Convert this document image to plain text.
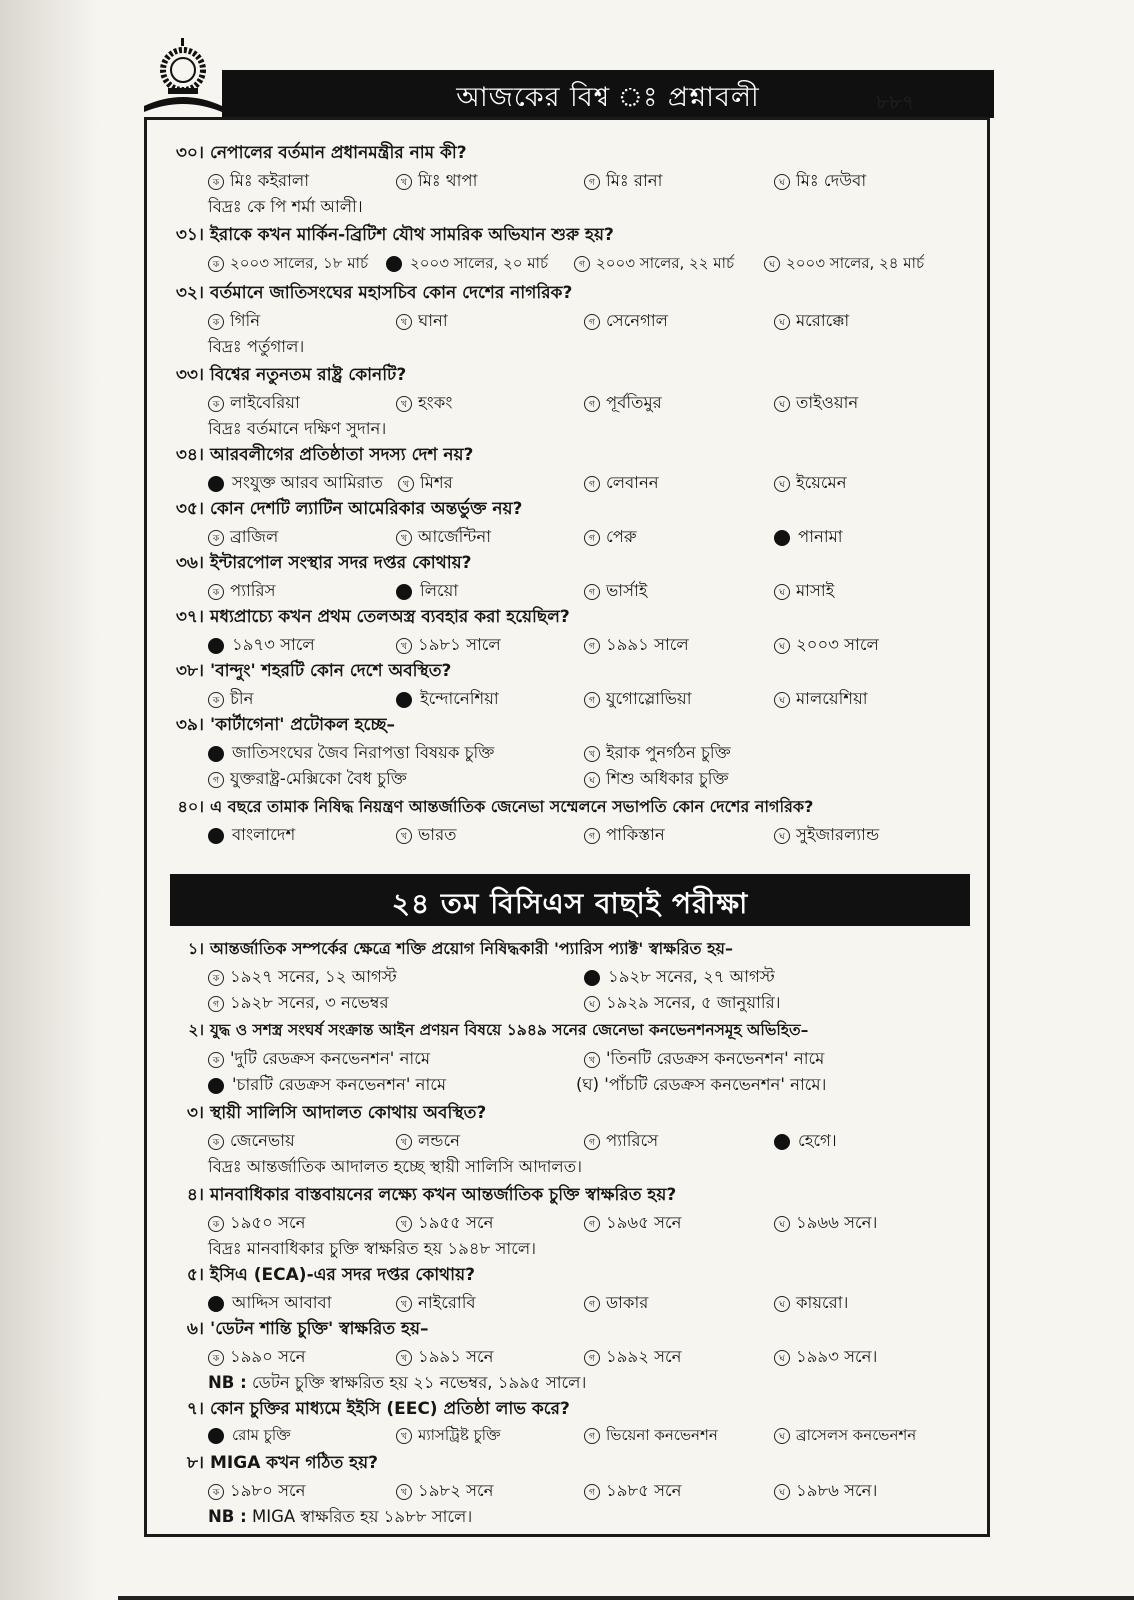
আজকের বিশ্ব ঃ প্রশ্নাবলী	৮৮৭
৩০। নেপালের বর্তমান প্রধানমন্ত্রীর নাম কী?
ক মিঃ কইরালা	খ মিঃ থাপা	গ মিঃ রানা	ঘ মিঃ দেউবা
বিদ্রঃ কে পি শর্মা আলী।
৩১। ইরাকে কখন মার্কিন-ব্রিটিশ যৌথ সামরিক অভিযান শুরু হয়?
ক ২০০৩ সালের, ১৮ মার্চ	২০০৩ সালের, ২০ মার্চ	গ ২০০৩ সালের, ২২ মার্চ	ঘ ২০০৩ সালের, ২৪ মার্চ
৩২। বর্তমানে জাতিসংঘের মহাসচিব কোন দেশের নাগরিক?
ক গিনি	খ ঘানা	গ সেনেগাল	ঘ মরোক্কো
বিদ্রঃ পর্তুগাল।
৩৩। বিশ্বের নতুনতম রাষ্ট্র কোনটি?
ক লাইবেরিয়া	খ হংকং	গ পূর্বতিমুর	ঘ তাইওয়ান
বিদ্রঃ বর্তমানে দক্ষিণ সুদান।
৩৪। আরবলীগের প্রতিষ্ঠাতা সদস্য দেশ নয়?
সংযুক্ত আরব আমিরাত	খ মিশর	গ লেবানন	ঘ ইয়েমেন
৩৫। কোন দেশটি ল্যাটিন আমেরিকার অন্তর্ভুক্ত নয়?
ক ব্রাজিল	খ আর্জেন্টিনা	গ পেরু	পানামা
৩৬। ইন্টারপোল সংস্থার সদর দপ্তর কোথায়?
ক প্যারিস	লিয়ো	গ ভার্সাই	ঘ মাসাই
৩৭। মধ্যপ্রাচ্যে কখন প্রথম তেলঅস্ত্র ব্যবহার করা হয়েছিল?
১৯৭৩ সালে	খ ১৯৮১ সালে	গ ১৯৯১ সালে	ঘ ২০০৩ সালে
৩৮। 'বান্দুং' শহরটি কোন দেশে অবস্থিত?
ক চীন	ইন্দোনেশিয়া	গ যুগোস্লোভিয়া	ঘ মালয়েশিয়া
৩৯। 'কার্টাগেনা' প্রটোকল হচ্ছে–
জাতিসংঘের জৈব নিরাপত্তা বিষয়ক চুক্তি	খ ইরাক পুনর্গঠন চুক্তি
গ যুক্তরাষ্ট্র-মেক্সিকো বৈধ চুক্তি	ঘ শিশু অধিকার চুক্তি
৪০। এ বছরে তামাক নিষিদ্ধ নিয়ন্ত্রণ আন্তর্জাতিক জেনেভা সম্মেলনে সভাপতি কোন দেশের নাগরিক?
বাংলাদেশ	খ ভারত	গ পাকিস্তান	ঘ সুইজারল্যান্ড
২৪ তম বিসিএস বাছাই পরীক্ষা
১। আন্তর্জাতিক সম্পর্কের ক্ষেত্রে শক্তি প্রয়োগ নিষিদ্ধকারী 'প্যারিস প্যাক্ট' স্বাক্ষরিত হয়–
ক ১৯২৭ সনের, ১২ আগস্ট	১৯২৮ সনের, ২৭ আগস্ট
গ ১৯২৮ সনের, ৩ নভেম্বর	ঘ ১৯২৯ সনের, ৫ জানুয়ারি।
২। যুদ্ধ ও সশস্ত্র সংঘর্ষ সংক্রান্ত আইন প্রণয়ন বিষয়ে ১৯৪৯ সনের জেনেভা কনভেনশনসমূহ অভিহিত–
ক 'দুটি রেডক্রস কনভেনশন' নামে	খ 'তিনটি রেডক্রস কনভেনশন' নামে
'চারটি রেডক্রস কনভেনশন' নামে	(ঘ) 'পাঁচটি রেডক্রস কনভেনশন' নামে।
৩। স্থায়ী সালিসি আদালত কোথায় অবস্থিত?
ক জেনেভায়	খ লন্ডনে	গ প্যারিসে	হেগে।
বিদ্রঃ আন্তর্জাতিক আদালত হচ্ছে স্থায়ী সালিসি আদালত।
৪। মানবাধিকার বাস্তবায়নের লক্ষ্যে কখন আন্তর্জাতিক চুক্তি স্বাক্ষরিত হয়?
ক ১৯৫০ সনে	খ ১৯৫৫ সনে	গ ১৯৬৫ সনে	ঘ ১৯৬৬ সনে।
বিদ্রঃ মানবাধিকার চুক্তি স্বাক্ষরিত হয় ১৯৪৮ সালে।
৫। ইসিএ (ECA)-এর সদর দপ্তর কোথায়?
আদ্দিস আবাবা	খ নাইরোবি	গ ডাকার	ঘ কায়রো।
৬। 'ডেটন শান্তি চুক্তি' স্বাক্ষরিত হয়–
ক ১৯৯০ সনে	খ ১৯৯১ সনে	গ ১৯৯২ সনে	ঘ ১৯৯৩ সনে।
NB : ডেটন চুক্তি স্বাক্ষরিত হয় ২১ নভেম্বর, ১৯৯৫ সালে।
৭। কোন চুক্তির মাধ্যমে ইইসি (EEC) প্রতিষ্ঠা লাভ করে?
রোম চুক্তি	খ ম্যাসট্রিষ্ট চুক্তি	গ ভিয়েনা কনভেনশন	ঘ ব্রাসেলস কনভেনশন
৮। MIGA কখন গঠিত হয়?
ক ১৯৮০ সনে	খ ১৯৮২ সনে	গ ১৯৮৫ সনে	ঘ ১৯৮৬ সনে।
NB : MIGA স্বাক্ষরিত হয় ১৯৮৮ সালে।
